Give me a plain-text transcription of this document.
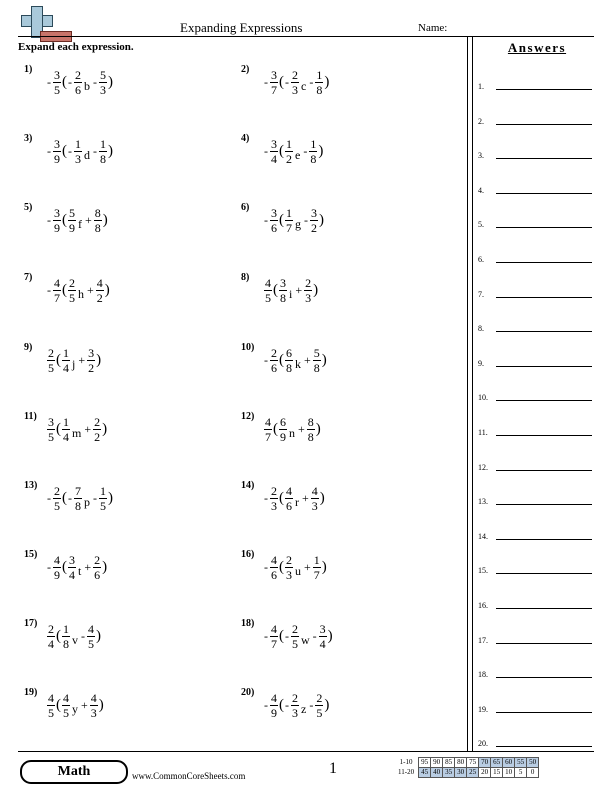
Expanding Expressions	Name:
Expand each expression.
1)
- $\frac{3}{5}$ ( - $\frac{2}{6}$ b - $\frac{5}{3}$ )
2)
- $\frac{3}{7}$ ( - $\frac{2}{3}$ c - $\frac{1}{8}$ )
3)
- $\frac{3}{9}$ ( - $\frac{1}{3}$ d - $\frac{1}{8}$ )
4)
- $\frac{3}{4}$ ( $\frac{1}{2}$ e - $\frac{1}{8}$ )
5)
- $\frac{3}{9}$ ( $\frac{5}{9}$ $f + \frac{8}{8}$ )
6)
- $\frac{3}{6}$ ( $\frac{1}{7}$ g - $\frac{3}{2}$ )
7)
- $\frac{4}{7}$ ( $\frac{2}{5}$ $h + \frac{4}{2}$ )
$8) \frac{4}{5}$ ( $\frac{3}{8}$ $i + \frac{2}{3}$ )
$9) \frac{2}{5}$ ( $\frac{1}{4}$ $j + \frac{3}{2}$ )
10)
- $\frac{2}{6}$ ( $\frac{6}{8}$ $k + \frac{5}{8}$ )
$11) \frac{3}{5}$ ( $\frac{1}{4}$ $m + \frac{2}{2}$ )
$12) \frac{4}{7}$ ( $\frac{6}{9}$ $n + \frac{8}{8}$ )
13)
- $\frac{2}{5}$ ( - $\frac{7}{8}$ p - $\frac{1}{5}$ )
14)
- $\frac{2}{3}$ ( $\frac{4}{6}$ $r + \frac{4}{3}$ )
15)
- $\frac{4}{9}$ ( $\frac{3}{4}$ $t + \frac{2}{6}$ )
16)
- $\frac{4}{6}$ ( $\frac{2}{3}$ $u + \frac{1}{7}$ )
$17) \frac{2}{4}$ ( $\frac{1}{8}$ v - $\frac{4}{5}$ )
18)
- $\frac{4}{7}$ ( - $\frac{2}{5}$ w - $\frac{3}{4}$ )
$19) \frac{4}{5}$ ( $\frac{4}{5}$ $y + \frac{4}{3}$ )
20)
- $\frac{4}{9}$ ( - $\frac{2}{3}$ z - $\frac{2}{5}$ )
Answers
1.
2.
3.
4.
5.
6.
7.
8.
9.
10.
11.
12.
13.
14.
15.
16.
17.
18.
19.
20.
Math	www.CommonCoreSheets.com	1	1-10	95	90	85	80	75	70	65	60	55	50
11-20	45	40	35	30	25	20	15	10	5	0
